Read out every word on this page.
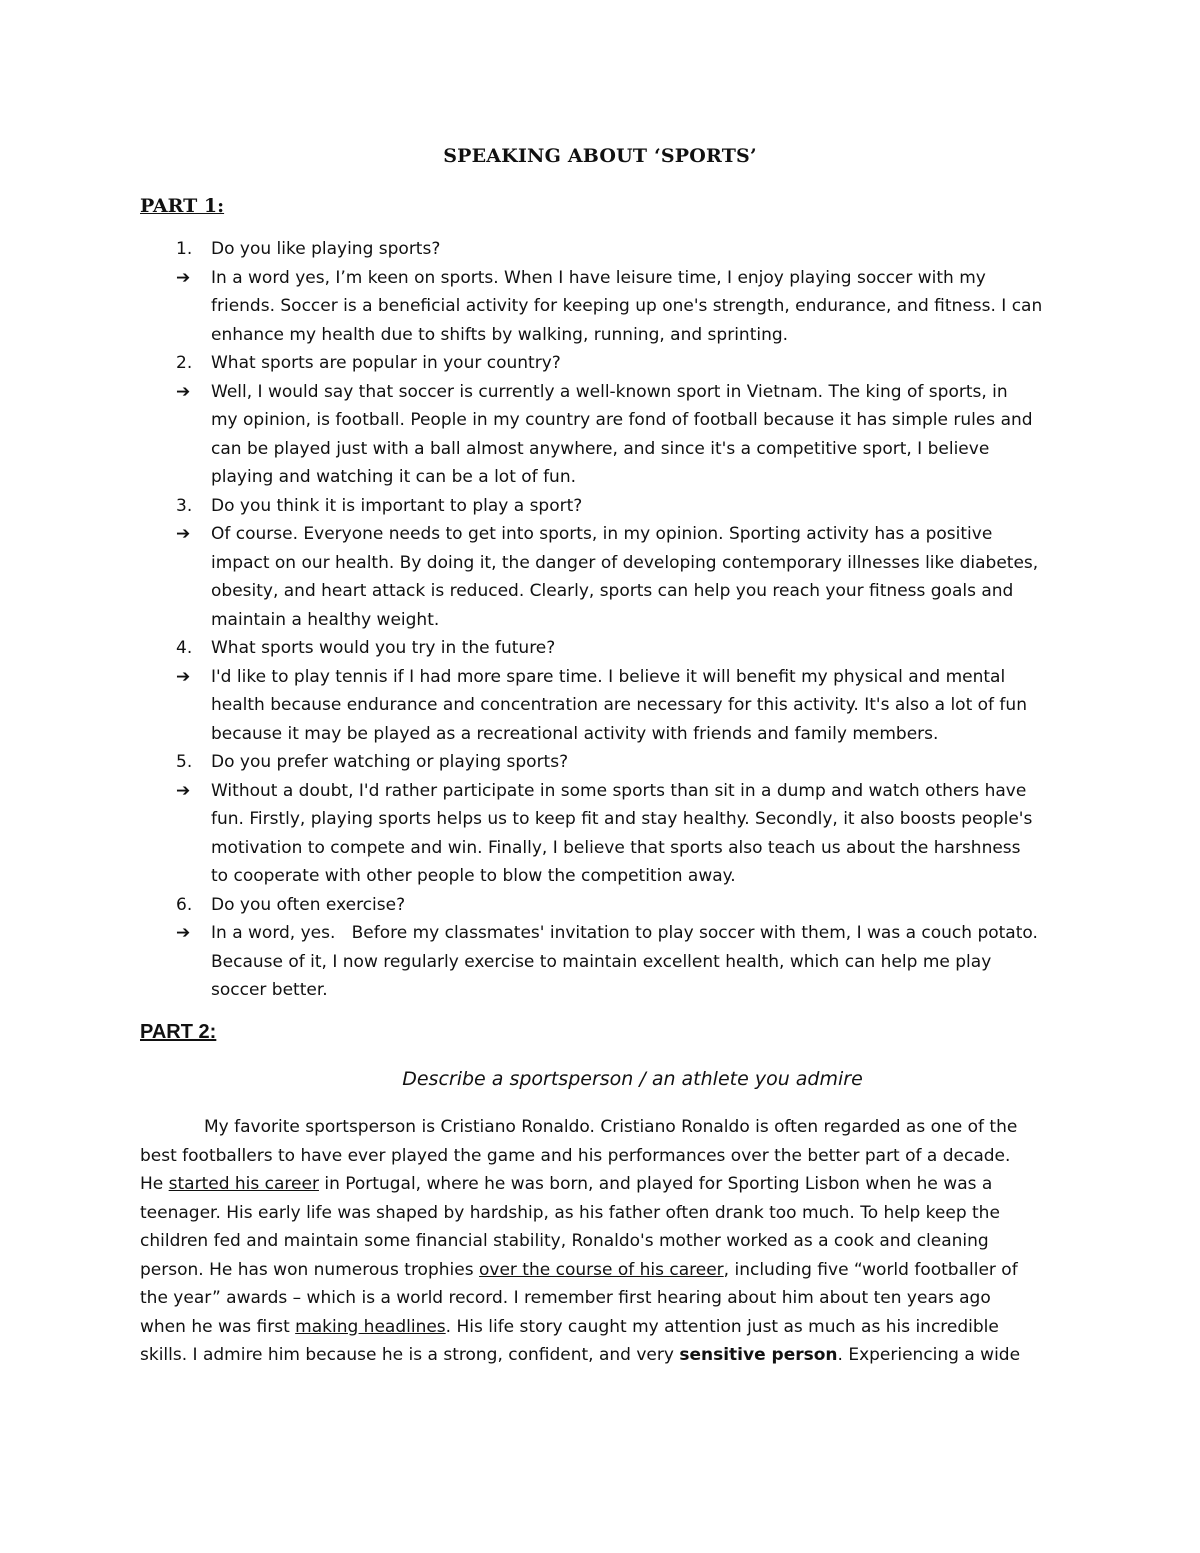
SPEAKING ABOUT ‘SPORTS’
PART 1:
1. Do you like playing sports?
➔ In a word yes, I’m keen on sports. When I have leisure time, I enjoy playing soccer with my
friends. Soccer is a beneficial activity for keeping up one's strength, endurance, and fitness. I can
enhance my health due to shifts by walking, running, and sprinting.
2. What sports are popular in your country?
➔ Well, I would say that soccer is currently a well-known sport in Vietnam. The king of sports, in
my opinion, is football. People in my country are fond of football because it has simple rules and
can be played just with a ball almost anywhere, and since it's a competitive sport, I believe
playing and watching it can be a lot of fun.
3. Do you think it is important to play a sport?
➔ Of course. Everyone needs to get into sports, in my opinion. Sporting activity has a positive
impact on our health. By doing it, the danger of developing contemporary illnesses like diabetes,
obesity, and heart attack is reduced. Clearly, sports can help you reach your fitness goals and
maintain a healthy weight.
4. What sports would you try in the future?
➔ I'd like to play tennis if I had more spare time. I believe it will benefit my physical and mental
health because endurance and concentration are necessary for this activity. It's also a lot of fun
because it may be played as a recreational activity with friends and family members.
5. Do you prefer watching or playing sports?
➔ Without a doubt, I'd rather participate in some sports than sit in a dump and watch others have
fun. Firstly, playing sports helps us to keep fit and stay healthy. Secondly, it also boosts people's
motivation to compete and win. Finally, I believe that sports also teach us about the harshness
to cooperate with other people to blow the competition away.
6. Do you often exercise?
➔ In a word, yes.   Before my classmates' invitation to play soccer with them, I was a couch potato.
Because of it, I now regularly exercise to maintain excellent health, which can help me play
soccer better.
PART 2:
Describe a sportsperson / an athlete you admire
My favorite sportsperson is Cristiano Ronaldo. Cristiano Ronaldo is often regarded as one of the
best footballers to have ever played the game and his performances over the better part of a decade.
He started his career in Portugal, where he was born, and played for Sporting Lisbon when he was a
teenager. His early life was shaped by hardship, as his father often drank too much. To help keep the
children fed and maintain some financial stability, Ronaldo's mother worked as a cook and cleaning
person. He has won numerous trophies over the course of his career, including five “world footballer of
the year” awards – which is a world record. I remember first hearing about him about ten years ago
when he was first making headlines. His life story caught my attention just as much as his incredible
skills. I admire him because he is a strong, confident, and very sensitive person. Experiencing a wide
